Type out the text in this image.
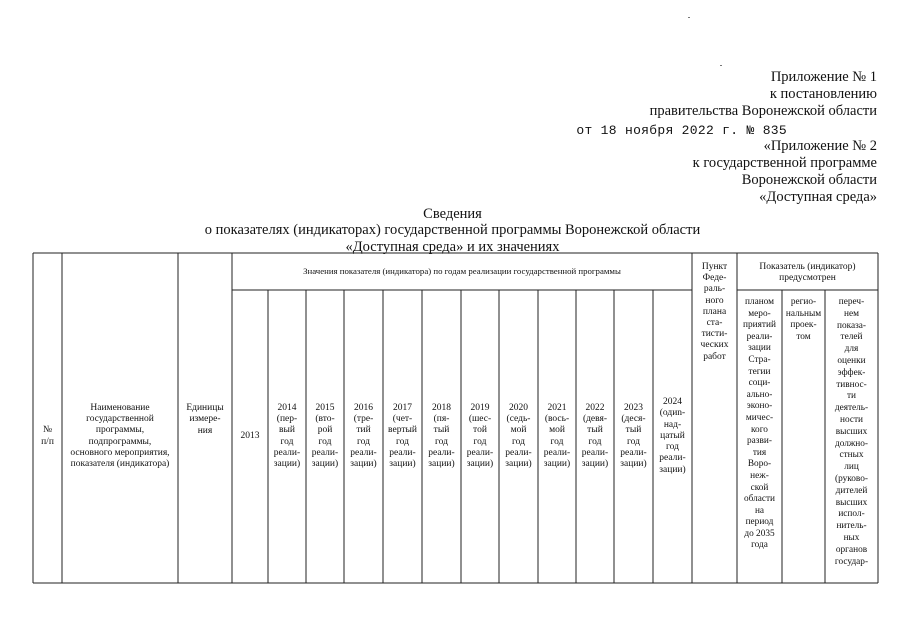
Приложение № 1
к постановлению
правительства Воронежской области
от 18 ноября 2022 г. № 835
«Приложение № 2
к государственной программе
Воронежской области
«Доступная среда»
Сведения
о показателях (индикаторах) государственной программы Воронежской области
«Доступная среда» и их значениях
№
п/п
Наименование
государственной
программы,
подпрограммы,
основного мероприятия,
показателя (индикатора)
Единицы
измере-
ния
Значения показателя (индикатора) по годам реализации государственной программы
2013
2014
(пер-
вый
год
реали-
зации)
2015
(вто-
рой
год
реали-
зации)
2016
(тре-
тий
год
реали-
зации)
2017
(чет-
вертый
год
реали-
зации)
2018
(пя-
тый
год
реали-
зации)
2019
(шес-
той
год
реали-
зации)
2020
(седь-
мой
год
реали-
зации)
2021
(вось-
мой
год
реали-
зации)
2022
(девя-
тый
год
реали-
зации)
2023
(деся-
тый
год
реали-
зации)
2024
(одиn-
над-
цатый
год
реали-
зации)
Пункт
Феде-
раль-
ного
плана
ста-
тисти-
ческих
работ
Показатель (индикатор)
предусмотрен
планом
меро-
приятий
реали-
зации
Стра-
тегии
соци-
ально-
эконо-
мичес-
кого
разви-
тия
Воро-
неж-
ской
области
на
период
до 2035
года
регио-
нальным
проек-
том
переч-
нем
показа-
телей
для
оценки
эффек-
тивнос-
ти
деятель-
ности
высших
должно-
стных
лиц
(руково-
дителей
высших
испол-
нитель-
ных
органов
государ-
